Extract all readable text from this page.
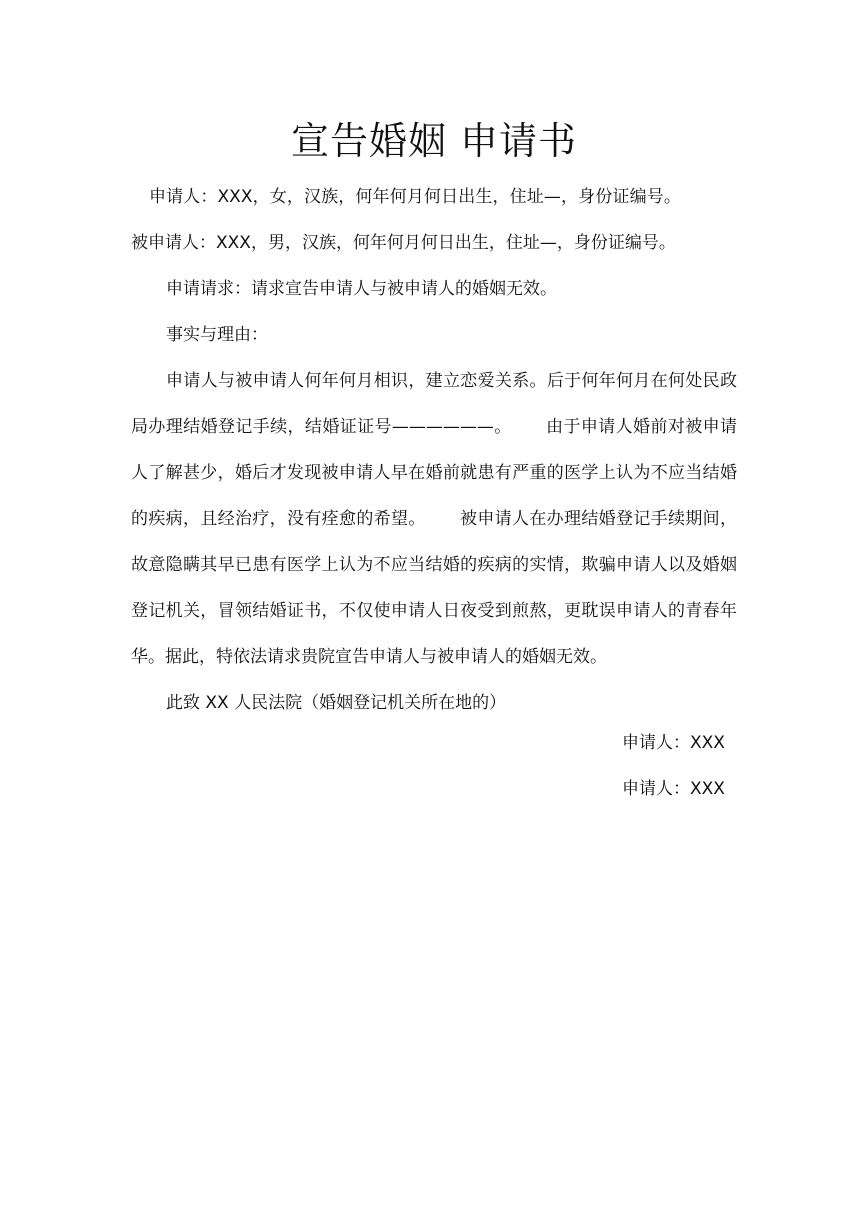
宣告婚姻 申请书

申请人：XXX，女，汉族，何年何月何日出生，住址—，身份证编号。被申请人：XXX，男，汉族，何年何月何日出生，住址—，身份证编号。

申请请求：请求宣告申请人与被申请人的婚姻无效。

事实与理由：

申请人与被申请人何年何月相识，建立恋爱关系。后于何年何月在何处民政局办理结婚登记手续，结婚证证号——————。 由于申请人婚前对被申请人了解甚少，婚后才发现被申请人早在婚前就患有严重的医学上认为不应当结婚的疾病，且经治疗，没有痊愈的希望。 被申请人在办理结婚登记手续期间，故意隐瞒其早已患有医学上认为不应当结婚的疾病的实情，欺骗申请人以及婚姻登记机关，冒领结婚证书，不仅使申请人日夜受到煎熬，更耽误申请人的青春年华。据此，特依法请求贵院宣告申请人与被申请人的婚姻无效。

此致 XX 人民法院（婚姻登记机关所在地的）

申请人：XXX
申请人：XXX
